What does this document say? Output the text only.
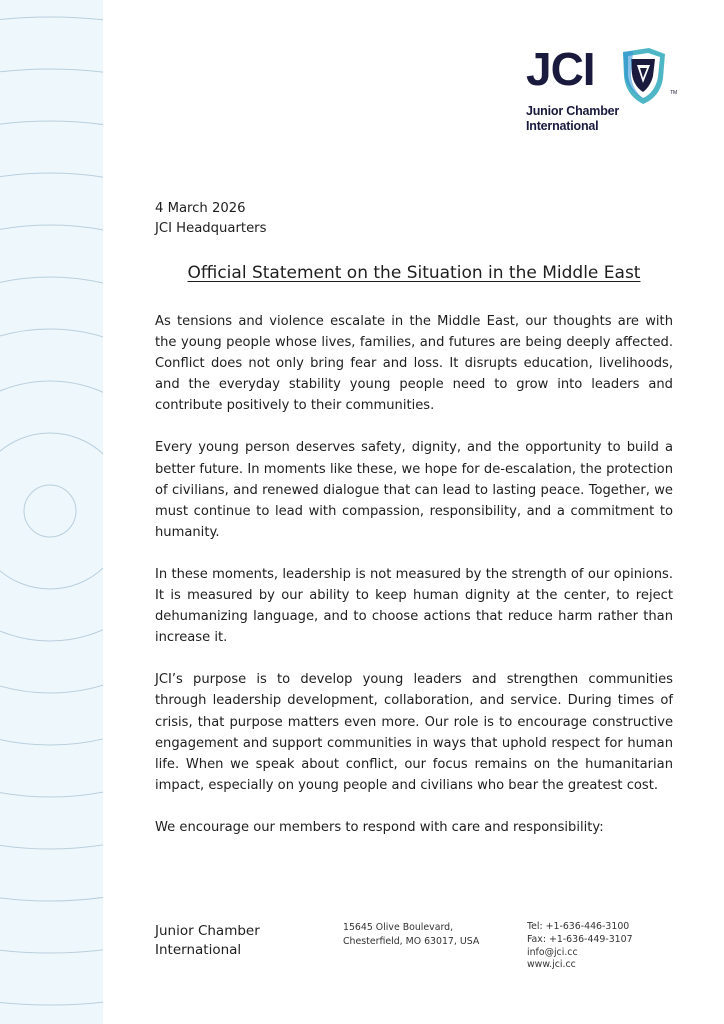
JCI	TM
Junior Chamber
International
4 March 2026
JCI Headquarters
Official Statement on the Situation in the Middle East

As tensions and violence escalate in the Middle East, our thoughts are with the young people whose lives, families, and futures are being deeply affected. Conflict does not only bring fear and loss. It disrupts education, livelihoods, and the everyday stability young people need to grow into leaders and contribute positively to their communities.

Every young person deserves safety, dignity, and the opportunity to build a better future. In moments like these, we hope for de-escalation, the protection of civilians, and renewed dialogue that can lead to lasting peace. Together, we must continue to lead with compassion, responsibility, and a commitment to humanity.

In these moments, leadership is not measured by the strength of our opinions. It is measured by our ability to keep human dignity at the center, to reject dehumanizing language, and to choose actions that reduce harm rather than increase it.

JCI’s purpose is to develop young leaders and strengthen communities through leadership development, collaboration, and service. During times of crisis, that purpose matters even more. Our role is to encourage constructive engagement and support communities in ways that uphold respect for human life. When we speak about conflict, our focus remains on the humanitarian impact, especially on young people and civilians who bear the greatest cost.

We encourage our members to respond with care and responsibility:

Junior Chamber
International
15645 Olive Boulevard,
Chesterfield, MO 63017, USA
Tel: +1-636-446-3100
Fax: +1-636-449-3107
info@jci.cc
www.jci.cc
